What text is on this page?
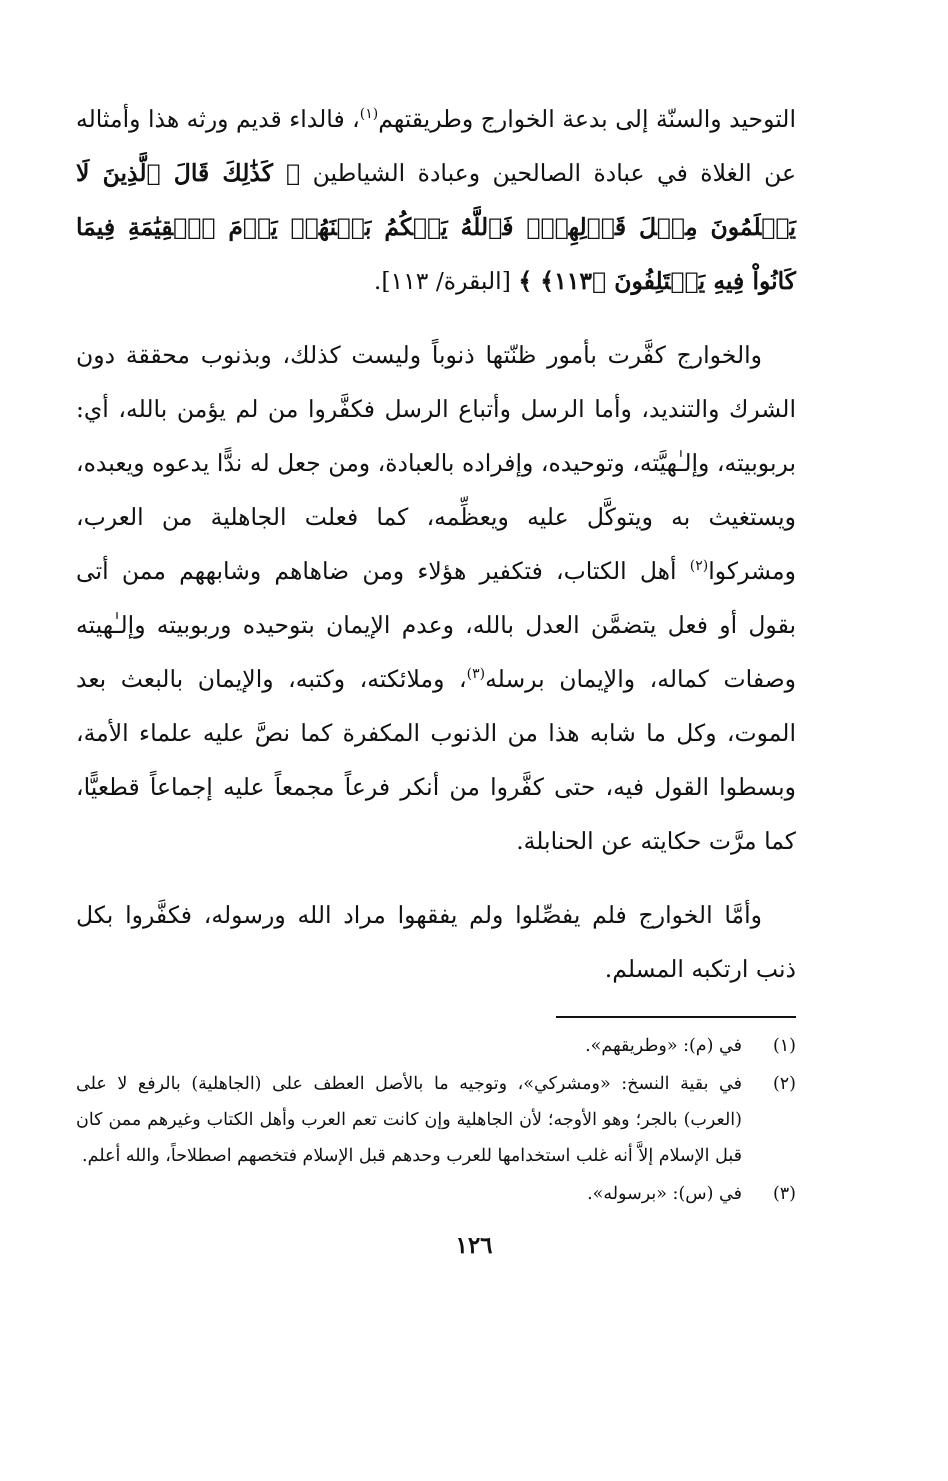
التوحيد والسنّة إلى بدعة الخوارج وطريقتهم$^{(١)}$، فالداء قديم ورثه هذا وأمثاله عن الغلاة في عبادة الصالحين وعبادة الشياطين ﴿ كَذَٰلِكَ قَالَ ٱلَّذِينَ لَا يَعۡلَمُونَ مِثۡلَ قَوۡلِهِمۡۚ فَٱللَّهُ يَحۡكُمُ بَيۡنَهُمۡ يَوۡمَ ٱلۡقِيَٰمَةِ فِيمَا كَانُواْ فِيهِ يَخۡتَلِفُونَ ﴿١١٣﴾ ﴾ [البقرة/ ١١٣].

والخوارج كفَّرت بأمور ظنّتها ذنوباً وليست كذلك، وبذنوب محققة دون الشرك والتنديد، وأما الرسل وأتباع الرسل فكفَّروا من لم يؤمن بالله، أي: بربوبيته، وإلـٰهيَّته، وتوحيده، وإفراده بالعبادة، ومن جعل له ندًّا يدعوه ويعبده، ويستغيث به ويتوكَّل عليه ويعظِّمه، كما فعلت الجاهلية من العرب، ومشركوا$^{(٢)}$ أهل الكتاب، فتكفير هؤلاء ومن ضاهاهم وشابههم ممن أتى بقول أو فعل يتضمَّن العدل بالله، وعدم الإيمان بتوحيده وربوبيته وإلـٰهيته وصفات كماله، والإيمان برسله$^{(٣)}$، وملائكته، وكتبه، والإيمان بالبعث بعد الموت، وكل ما شابه هذا من الذنوب المكفرة كما نصَّ عليه علماء الأمة، وبسطوا القول فيه، حتى كفَّروا من أنكر فرعاً مجمعاً عليه إجماعاً قطعيًّا، كما مرَّت حكايته عن الحنابلة.

وأمَّا الخوارج فلم يفصِّلوا ولم يفقهوا مراد الله ورسوله، فكفَّروا بكل ذنب ارتكبه المسلم.

(١)
في (م): «وطريقهم».
(٢)
في بقية النسخ: «ومشركي»، وتوجيه ما بالأصل العطف على (الجاهلية) بالرفع لا على (العرب) بالجر؛ وهو الأوجه؛ لأن الجاهلية وإن كانت تعم العرب وأهل الكتاب وغيرهم ممن كان قبل الإسلام إلاَّ أنه غلب استخدامها للعرب وحدهم قبل الإسلام فتخصهم اصطلاحاً، والله أعلم.
(٣)
في (س): «برسوله».
١٢٦
